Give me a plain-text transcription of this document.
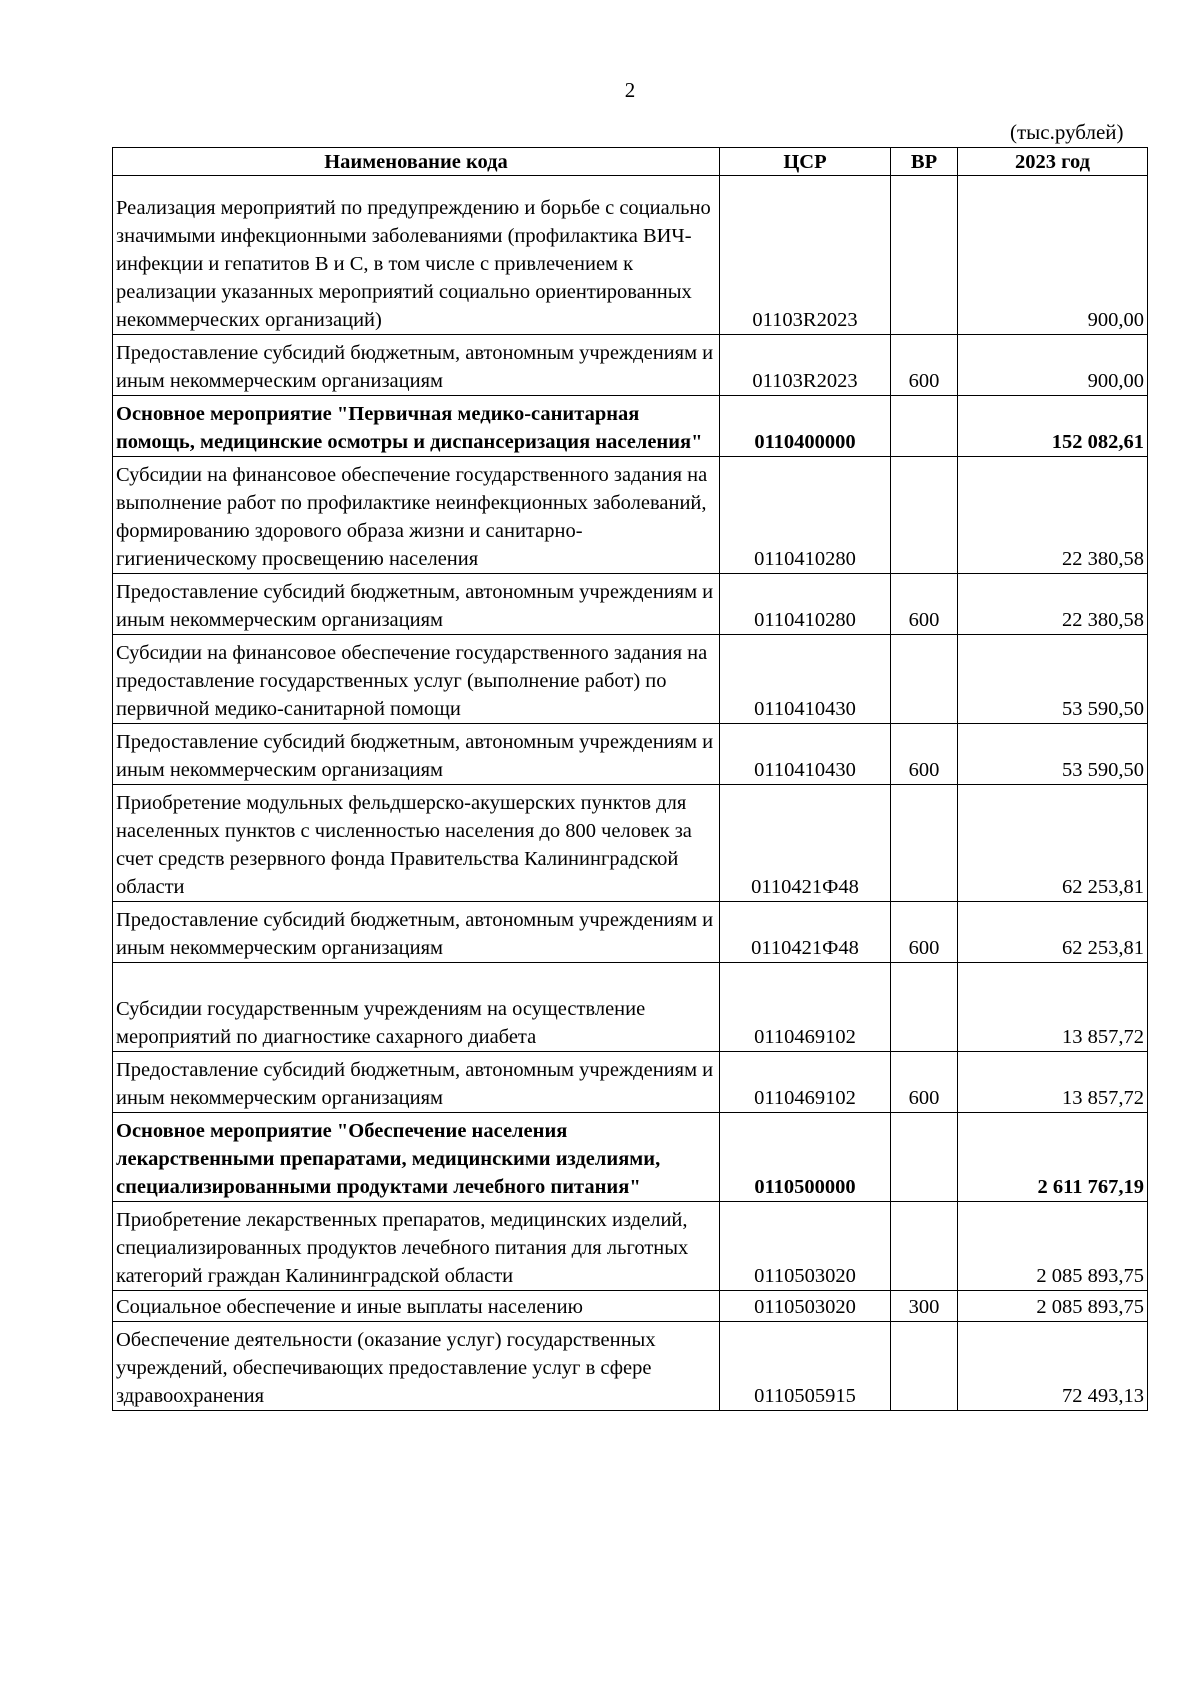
2
(тыс.рублей)
Наименование кода	ЦСР	ВР	2023 год
Реализация мероприятий по предупреждению и борьбе с социально значимыми инфекционными заболеваниями (профилактика ВИЧ-инфекции и гепатитов В и С, в том числе с привлечением к реализации указанных мероприятий социально ориентированных некоммерческих организаций)	01103R2023		900,00
Предоставление субсидий бюджетным, автономным учреждениям и иным некоммерческим организациям	01103R2023	600	900,00
Основное мероприятие "Первичная медико-санитарная помощь, медицинские осмотры и диспансеризация населения"	0110400000		152 082,61
Субсидии на финансовое обеспечение государственного задания на выполнение работ по профилактике неинфекционных заболеваний, формированию здорового образа жизни и санитарно-гигиеническому просвещению населения	0110410280		22 380,58
Предоставление субсидий бюджетным, автономным учреждениям и иным некоммерческим организациям	0110410280	600	22 380,58
Субсидии на финансовое обеспечение государственного задания на предоставление государственных услуг (выполнение работ) по первичной медико-санитарной помощи	0110410430		53 590,50
Предоставление субсидий бюджетным, автономным учреждениям и иным некоммерческим организациям	0110410430	600	53 590,50
Приобретение модульных фельдшерско-акушерских пунктов для населенных пунктов с численностью населения до 800 человек за счет средств резервного фонда Правительства Калининградской области	0110421Ф48		62 253,81
Предоставление субсидий бюджетным, автономным учреждениям и иным некоммерческим организациям	0110421Ф48	600	62 253,81
Субсидии государственным учреждениям на осуществление мероприятий по диагностике сахарного диабета	0110469102		13 857,72
Предоставление субсидий бюджетным, автономным учреждениям и иным некоммерческим организациям	0110469102	600	13 857,72
Основное мероприятие "Обеспечение населения лекарственными препаратами, медицинскими изделиями, специализированными продуктами лечебного питания"	0110500000		2 611 767,19
Приобретение лекарственных препаратов, медицинских изделий, специализированных продуктов лечебного питания для льготных категорий граждан Калининградской области	0110503020		2 085 893,75
Социальное обеспечение и иные выплаты населению	0110503020	300	2 085 893,75
Обеспечение деятельности (оказание услуг) государственных учреждений, обеспечивающих предоставление услуг в сфере здравоохранения	0110505915		72 493,13
